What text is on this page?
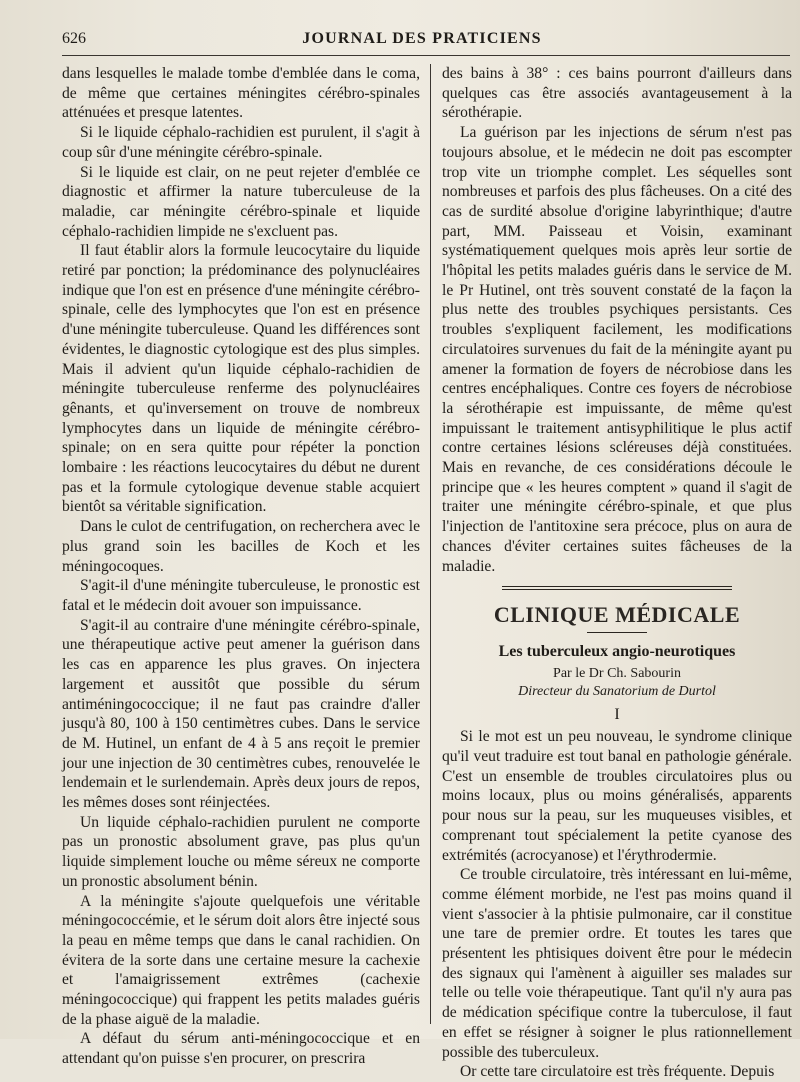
626	JOURNAL DES PRATICIENS

dans lesquelles le malade tombe d'emblée dans le coma, de même que certaines méningites cérébro-spinales atténuées et presque latentes.

Si le liquide céphalo-rachidien est purulent, il s'agit à coup sûr d'une méningite cérébro-spinale.

Si le liquide est clair, on ne peut rejeter d'emblée ce diagnostic et affirmer la nature tuberculeuse de la maladie, car méningite cérébro-spinale et liquide céphalo-rachidien limpide ne s'excluent pas.

Il faut établir alors la formule leucocytaire du liquide retiré par ponction; la prédominance des polynucléaires indique que l'on est en présence d'une méningite cérébro-spinale, celle des lymphocytes que l'on est en présence d'une méningite tuberculeuse. Quand les différences sont évidentes, le diagnostic cytologique est des plus simples. Mais il advient qu'un liquide céphalo-rachidien de méningite tuberculeuse renferme des polynucléaires gênants, et qu'inversement on trouve de nombreux lymphocytes dans un liquide de méningite cérébro-spinale; on en sera quitte pour répéter la ponction lombaire : les réactions leucocytaires du début ne durent pas et la formule cytologique devenue stable acquiert bientôt sa véritable signification.

Dans le culot de centrifugation, on recherchera avec le plus grand soin les bacilles de Koch et les méningocoques.

S'agit-il d'une méningite tuberculeuse, le pronostic est fatal et le médecin doit avouer son impuissance.

S'agit-il au contraire d'une méningite cérébro-spinale, une thérapeutique active peut amener la guérison dans les cas en apparence les plus graves. On injectera largement et aussitôt que possible du sérum antiméningococcique; il ne faut pas craindre d'aller jusqu'à 80, 100 à 150 centimètres cubes. Dans le service de M. Hutinel, un enfant de 4 à 5 ans reçoit le premier jour une injection de 30 centimètres cubes, renouvelée le lendemain et le surlendemain. Après deux jours de repos, les mêmes doses sont réinjectées.

Un liquide céphalo-rachidien purulent ne comporte pas un pronostic absolument grave, pas plus qu'un liquide simplement louche ou même séreux ne comporte un pronostic absolument bénin.

A la méningite s'ajoute quelquefois une véritable méningococcémie, et le sérum doit alors être injecté sous la peau en même temps que dans le canal rachidien. On évitera de la sorte dans une certaine mesure la cachexie et l'amaigrissement extrêmes (cachexie méningococcique) qui frappent les petits malades guéris de la phase aiguë de la maladie.

A défaut du sérum anti-méningococcique et en attendant qu'on puisse s'en procurer, on prescrira

des bains à 38° : ces bains pourront d'ailleurs dans quelques cas être associés avantageusement à la sérothérapie.

La guérison par les injections de sérum n'est pas toujours absolue, et le médecin ne doit pas escompter trop vite un triomphe complet. Les séquelles sont nombreuses et parfois des plus fâcheuses. On a cité des cas de surdité absolue d'origine labyrinthique; d'autre part, MM. Paisseau et Voisin, examinant systématiquement quelques mois après leur sortie de l'hôpital les petits malades guéris dans le service de M. le Pr Hutinel, ont très souvent constaté de la façon la plus nette des troubles psychiques persistants. Ces troubles s'expliquent facilement, les modifications circulatoires survenues du fait de la méningite ayant pu amener la formation de foyers de nécrobiose dans les centres encéphaliques. Contre ces foyers de nécrobiose la sérothérapie est impuissante, de même qu'est impuissant le traitement antisyphilitique le plus actif contre certaines lésions scléreuses déjà constituées. Mais en revanche, de ces considérations découle le principe que « les heures comptent » quand il s'agit de traiter une méningite cérébro-spinale, et que plus l'injection de l'antitoxine sera précoce, plus on aura de chances d'éviter certaines suites fâcheuses de la maladie.

CLINIQUE MÉDICALE
Les tuberculeux angio-neurotiques
Par le Dr Ch. Sabourin
Directeur du Sanatorium de Durtol
I

Si le mot est un peu nouveau, le syndrome clinique qu'il veut traduire est tout banal en pathologie générale. C'est un ensemble de troubles circulatoires plus ou moins locaux, plus ou moins généralisés, apparents pour nous sur la peau, sur les muqueuses visibles, et comprenant tout spécialement la petite cyanose des extrémités (acrocyanose) et l'érythrodermie.

Ce trouble circulatoire, très intéressant en lui-même, comme élément morbide, ne l'est pas moins quand il vient s'associer à la phtisie pulmonaire, car il constitue une tare de premier ordre. Et toutes les tares que présentent les phtisiques doivent être pour le médecin des signaux qui l'amènent à aiguiller ses malades sur telle ou telle voie thérapeutique. Tant qu'il n'y aura pas de médication spécifique contre la tuberculose, il faut en effet se résigner à soigner le plus rationnellement possible des tuberculeux.

Or cette tare circulatoire est très fréquente. Depuis
